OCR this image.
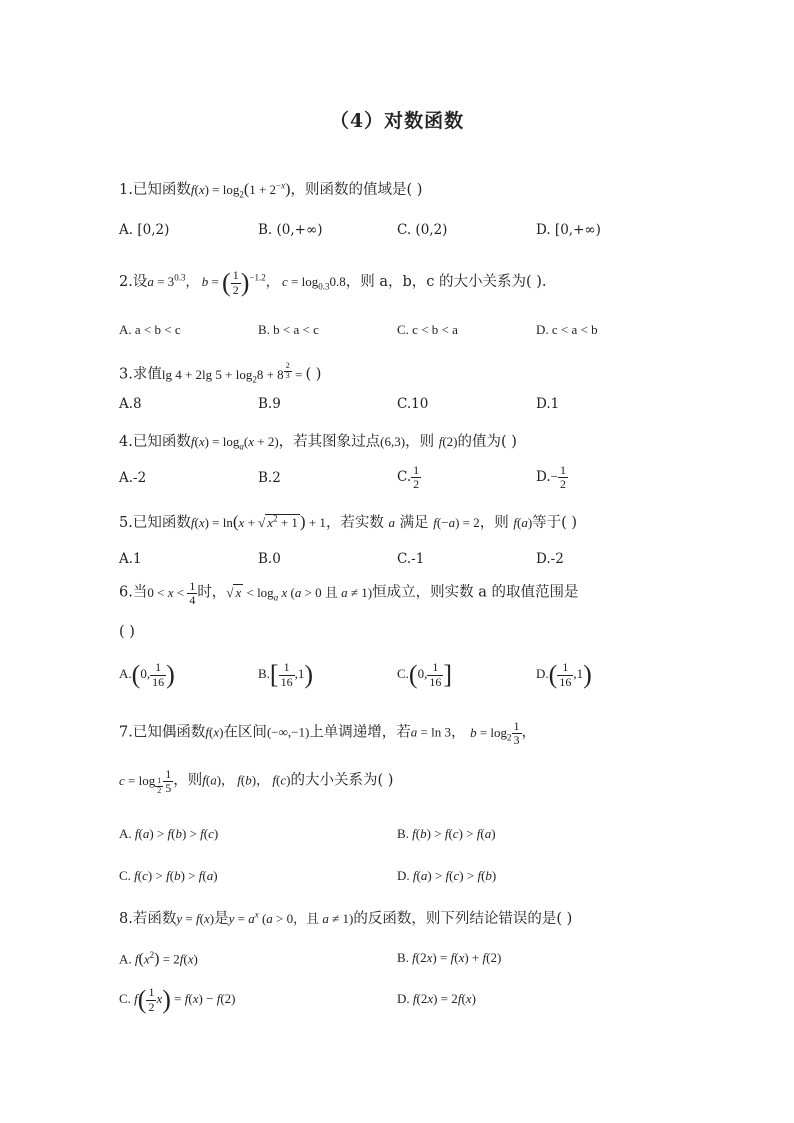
（4）对数函数
1.已知函数$f(x) = \log_2(1 + 2^{-x})$，则函数的值域是( )
A. [0,2)	B. (0,+∞)	C. (0,2)	D. [0,+∞)
2.设$a = 3^{0.3}$， b = ( $\frac{1}{2} )^{-1.2}$， $c = \log_{0.3}0.8$，则 a，b，c 的大小关系为( ).
A. a < b < c	B. b < a < c	C. c < b < a	D. c < a < b
3.求值lg 4 + 2lg $5 + \log_28 + 8$ $^{\frac{2}{3}}$ = ( )
A.8	B.9	C.10	D.1
4.已知函数$f(x) = \log_a(x + 2)$，若其图象过点(6,3)，则 f(2)的值为( )
A.-2	B.2	C. $\frac{1}{2}$	$D.- \frac{1}{2}$
5.已知函数f(x) = ln(x + √ $x^2 + 1$ ) + 1，若实数 a 满足 f(−a) = 2，则 f(a)等于( )
A.1	B.0	C.-1	D.-2
6.当$0 < x < \frac{1}{4}$ 时，√ $x < \log_a x$ (a > 0 且 a ≠ 1)恒成立，则实数 a 的取值范围是
( )
A.(0, $\frac{1}{16}$ )	$B.[ \frac{1}{16} ,1)$	C.(0, $\frac{1}{16}$ ]	$D.( \frac{1}{16} ,1)$
7.已知偶函数f(x)在区间(−∞,−1)上单调递增，若a = ln 3， $b = \log_2 \frac{1}{3}$ ，
$c = \log _{\frac{1}{2}} \frac{1}{5}$ ，则f(a)， f(b)， f(c)的大小关系为( )
A. f(a) > f(b) > f(c)	B. f(b) > f(c) > f(a)
C. f(c) > f(b) > f(a)	D. f(a) > f(c) > f(b)
8.若函数y = f(x)是$y = a^x$ (a > 0，且 a ≠ 1)的反函数，则下列结论错误的是( )
A. $f(x^2) = 2f(x)$	B. f(2x) = f(x) + f(2)
C. $f( \frac{1}{2} x) = f(x) - f(2)$	D. f(2x) = 2f(x)
